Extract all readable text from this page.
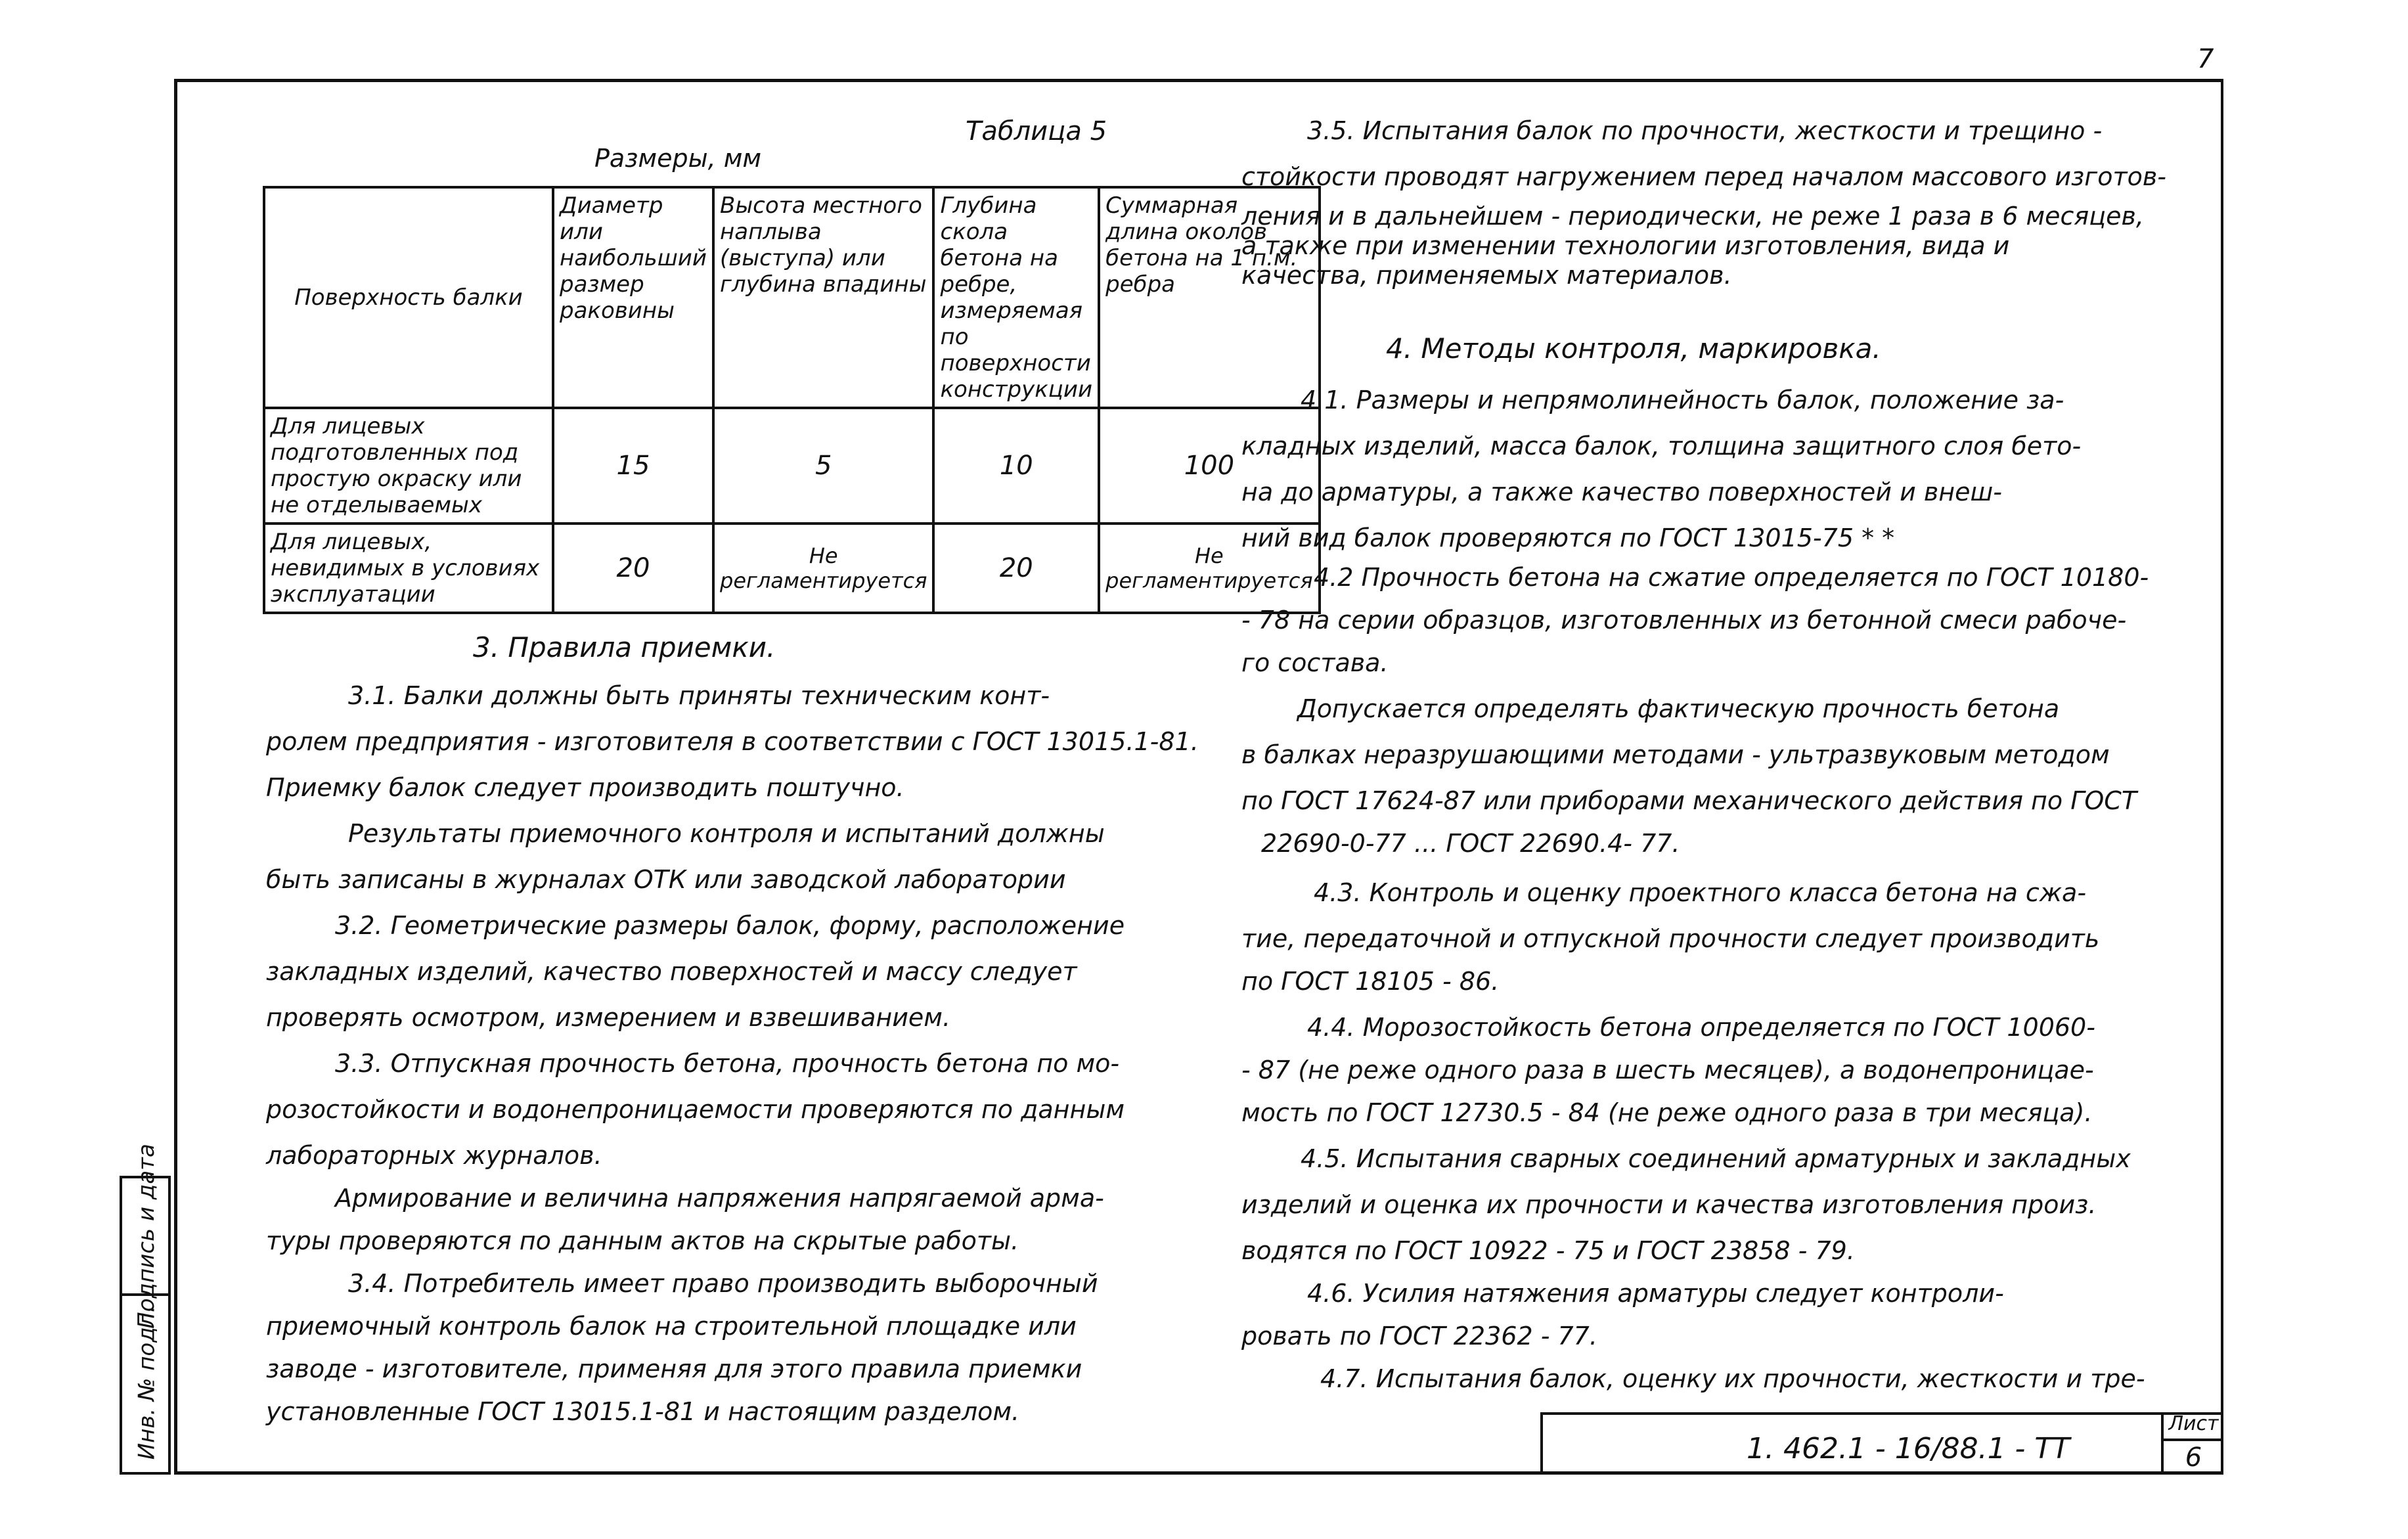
7
Таблица 5
Размеры, мм
Поверхность балки	Диаметр или наибольший размер раковины	Высота местного наплыва (выступа) или глубина впадины	Глубина скола бетона на ребре, измеряемая по поверхности конструкции	Суммарная длина околов бетона на 1 п.м. ребра
Для лицевых подготовленных под простую окраску или не отделываемых	15	5	10	100
Для лицевых, невидимых в условиях эксплуатации	20	Не регламентируется	20	Не регламентируется
3. Правила приемки.
3.1. Балки должны быть приняты техническим конт-
ролем предприятия - изготовителя в соответствии с ГОСТ 13015.1-81.
Приемку балок следует производить поштучно.
Результаты приемочного контроля и испытаний должны
быть записаны в журналах ОТК или заводской лаборатории
3.2. Геометрические размеры балок, форму, расположение
закладных изделий, качество поверхностей и массу следует
проверять осмотром, измерением и взвешиванием.
3.3. Отпускная прочность бетона, прочность бетона по мо-
розостойкости и водонепроницаемости проверяются по данным
лабораторных журналов.
Армирование и величина напряжения напрягаемой арма-
туры проверяются по данным актов на скрытые работы.
3.4. Потребитель имеет право производить выборочный
приемочный контроль балок на строительной площадке или
заводе - изготовителе, применяя для этого правила приемки
установленные ГОСТ 13015.1-81 и настоящим разделом.
3.5. Испытания балок по прочности, жесткости и трещино -
стойкости проводят нагружением перед началом массового изготов-
ления и в дальнейшем - периодически, не реже 1 раза в 6 месяцев,
а также при изменении технологии изготовления, вида и
качества, применяемых материалов.
4. Методы контроля, маркировка.
4.1. Размеры и непрямолинейность балок, положение за-
кладных изделий, масса балок, толщина защитного слоя бето-
на до арматуры, а также качество поверхностей и внеш-
ний вид балок проверяются по ГОСТ 13015-75 * *
4.2 Прочность бетона на сжатие определяется по ГОСТ 10180-
- 78 на серии образцов, изготовленных из бетонной смеси рабоче-
го состава.
Допускается определять фактическую прочность бетона
в балках неразрушающими методами - ультразвуковым методом
по ГОСТ 17624-87 или приборами механического действия по ГОСТ
22690-0-77 ... ГОСТ 22690.4- 77.
4.3. Контроль и оценку проектного класса бетона на сжа-
тие, передаточной и отпускной прочности следует производить
по ГОСТ 18105 - 86.
4.4. Морозостойкость бетона определяется по ГОСТ 10060-
- 87 (не реже одного раза в шесть месяцев), а водонепроницае-
мость по ГОСТ 12730.5 - 84 (не реже одного раза в три месяца).
4.5. Испытания сварных соединений арматурных и закладных
изделий и оценка их прочности и качества изготовления произ.
водятся по ГОСТ 10922 - 75 и ГОСТ 23858 - 79.
4.6. Усилия натяжения арматуры следует контроли-
ровать по ГОСТ 22362 - 77.
4.7. Испытания балок, оценку их прочности, жесткости и тре-
Подпись и дата
Инв. № подл.	1. 462.1 - 16/88.1 - ТТ
Лист
6
